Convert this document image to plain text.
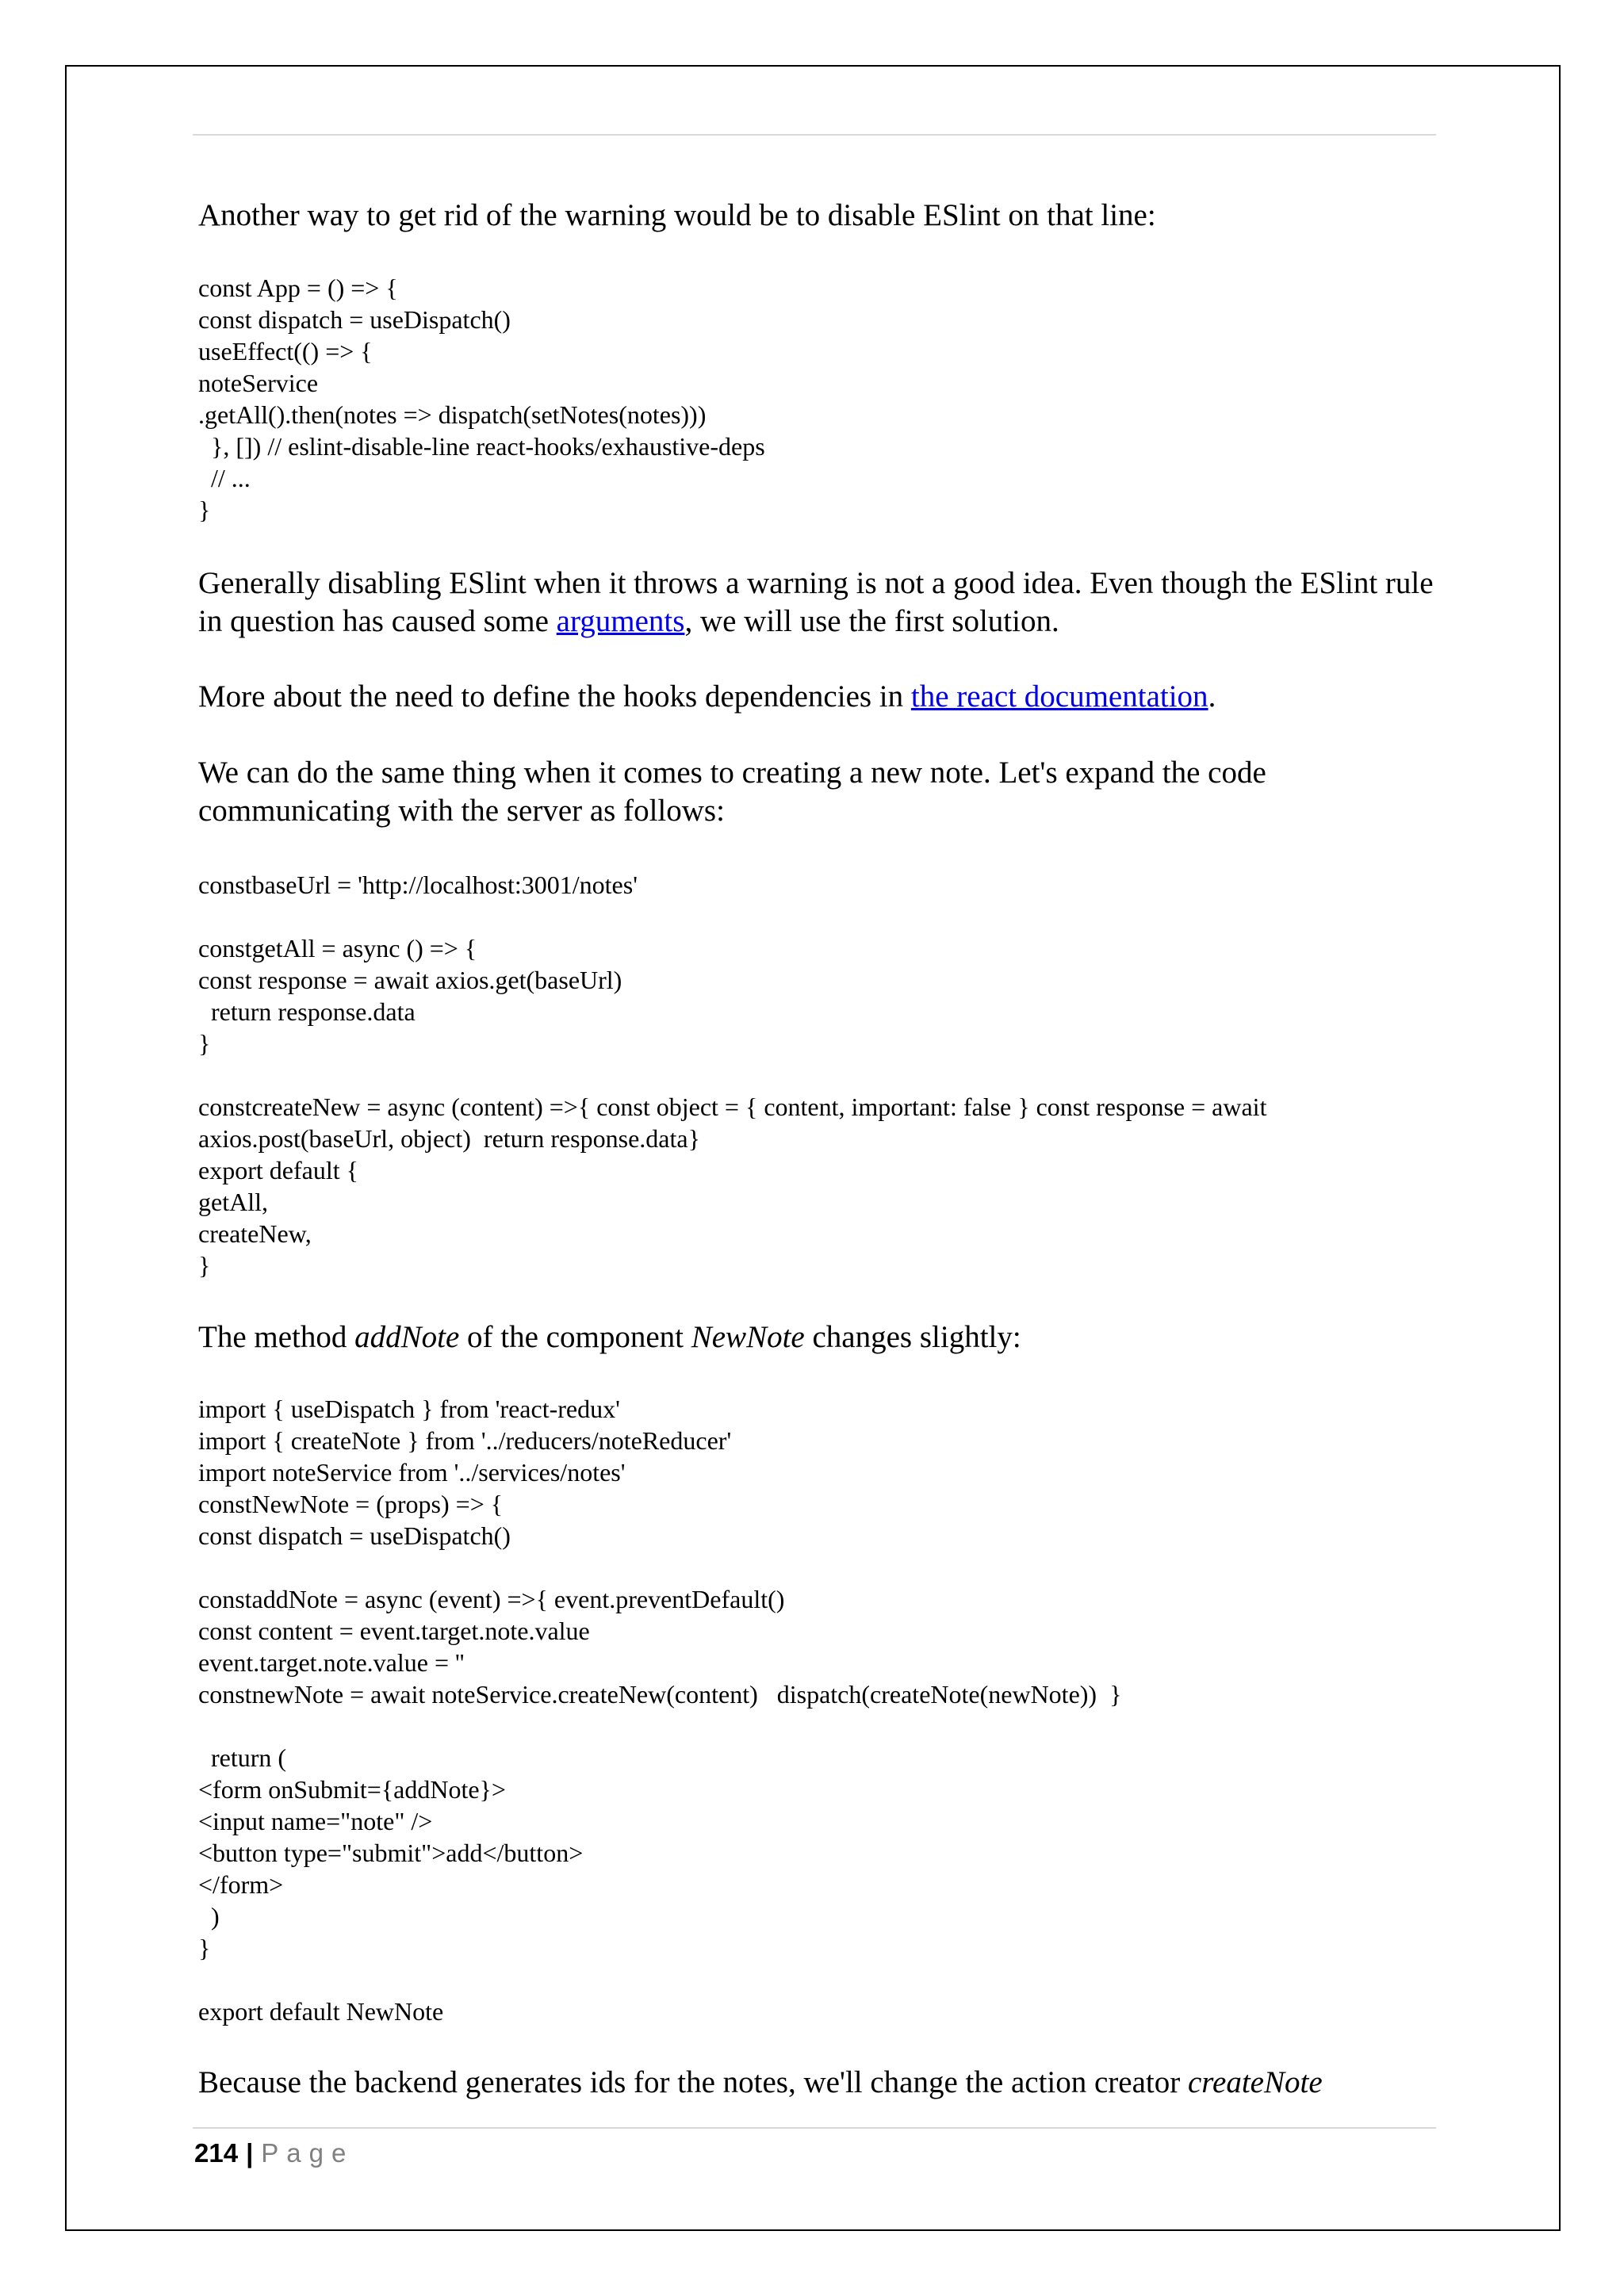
Another way to get rid of the warning would be to disable ESlint on that line:
const App = () => {
const dispatch = useDispatch()
useEffect(() => {
noteService
.getAll().then(notes => dispatch(setNotes(notes)))
}, []) // eslint-disable-line react-hooks/exhaustive-deps
// ...
}
Generally disabling ESlint when it throws a warning is not a good idea. Even though the ESlint rule in question has caused some arguments, we will use the first solution.
More about the need to define the hooks dependencies in the react documentation.
We can do the same thing when it comes to creating a new note. Let's expand the code communicating with the server as follows:
constbaseUrl = 'http://localhost:3001/notes'

constgetAll = async () => {
const response = await axios.get(baseUrl)
return response.data
}

constcreateNew = async (content) =>{ const object = { content, important: false } const response = await
axios.post(baseUrl, object)  return response.data}
export default {
getAll,
createNew,
}
The method addNote of the component NewNote changes slightly:
import { useDispatch } from 'react-redux'
import { createNote } from '../reducers/noteReducer'
import noteService from '../services/notes'
constNewNote = (props) => {
const dispatch = useDispatch()

constaddNote = async (event) =>{ event.preventDefault()
const content = event.target.note.value
event.target.note.value = ''
constnewNote = await noteService.createNew(content)   dispatch(createNote(newNote))  }

return (
<form onSubmit={addNote}>
<input name="note" />
<button type="submit">add</button>
</form>
)
}

export default NewNote
Because the backend generates ids for the notes, we'll change the action creator createNote
214 | Page
